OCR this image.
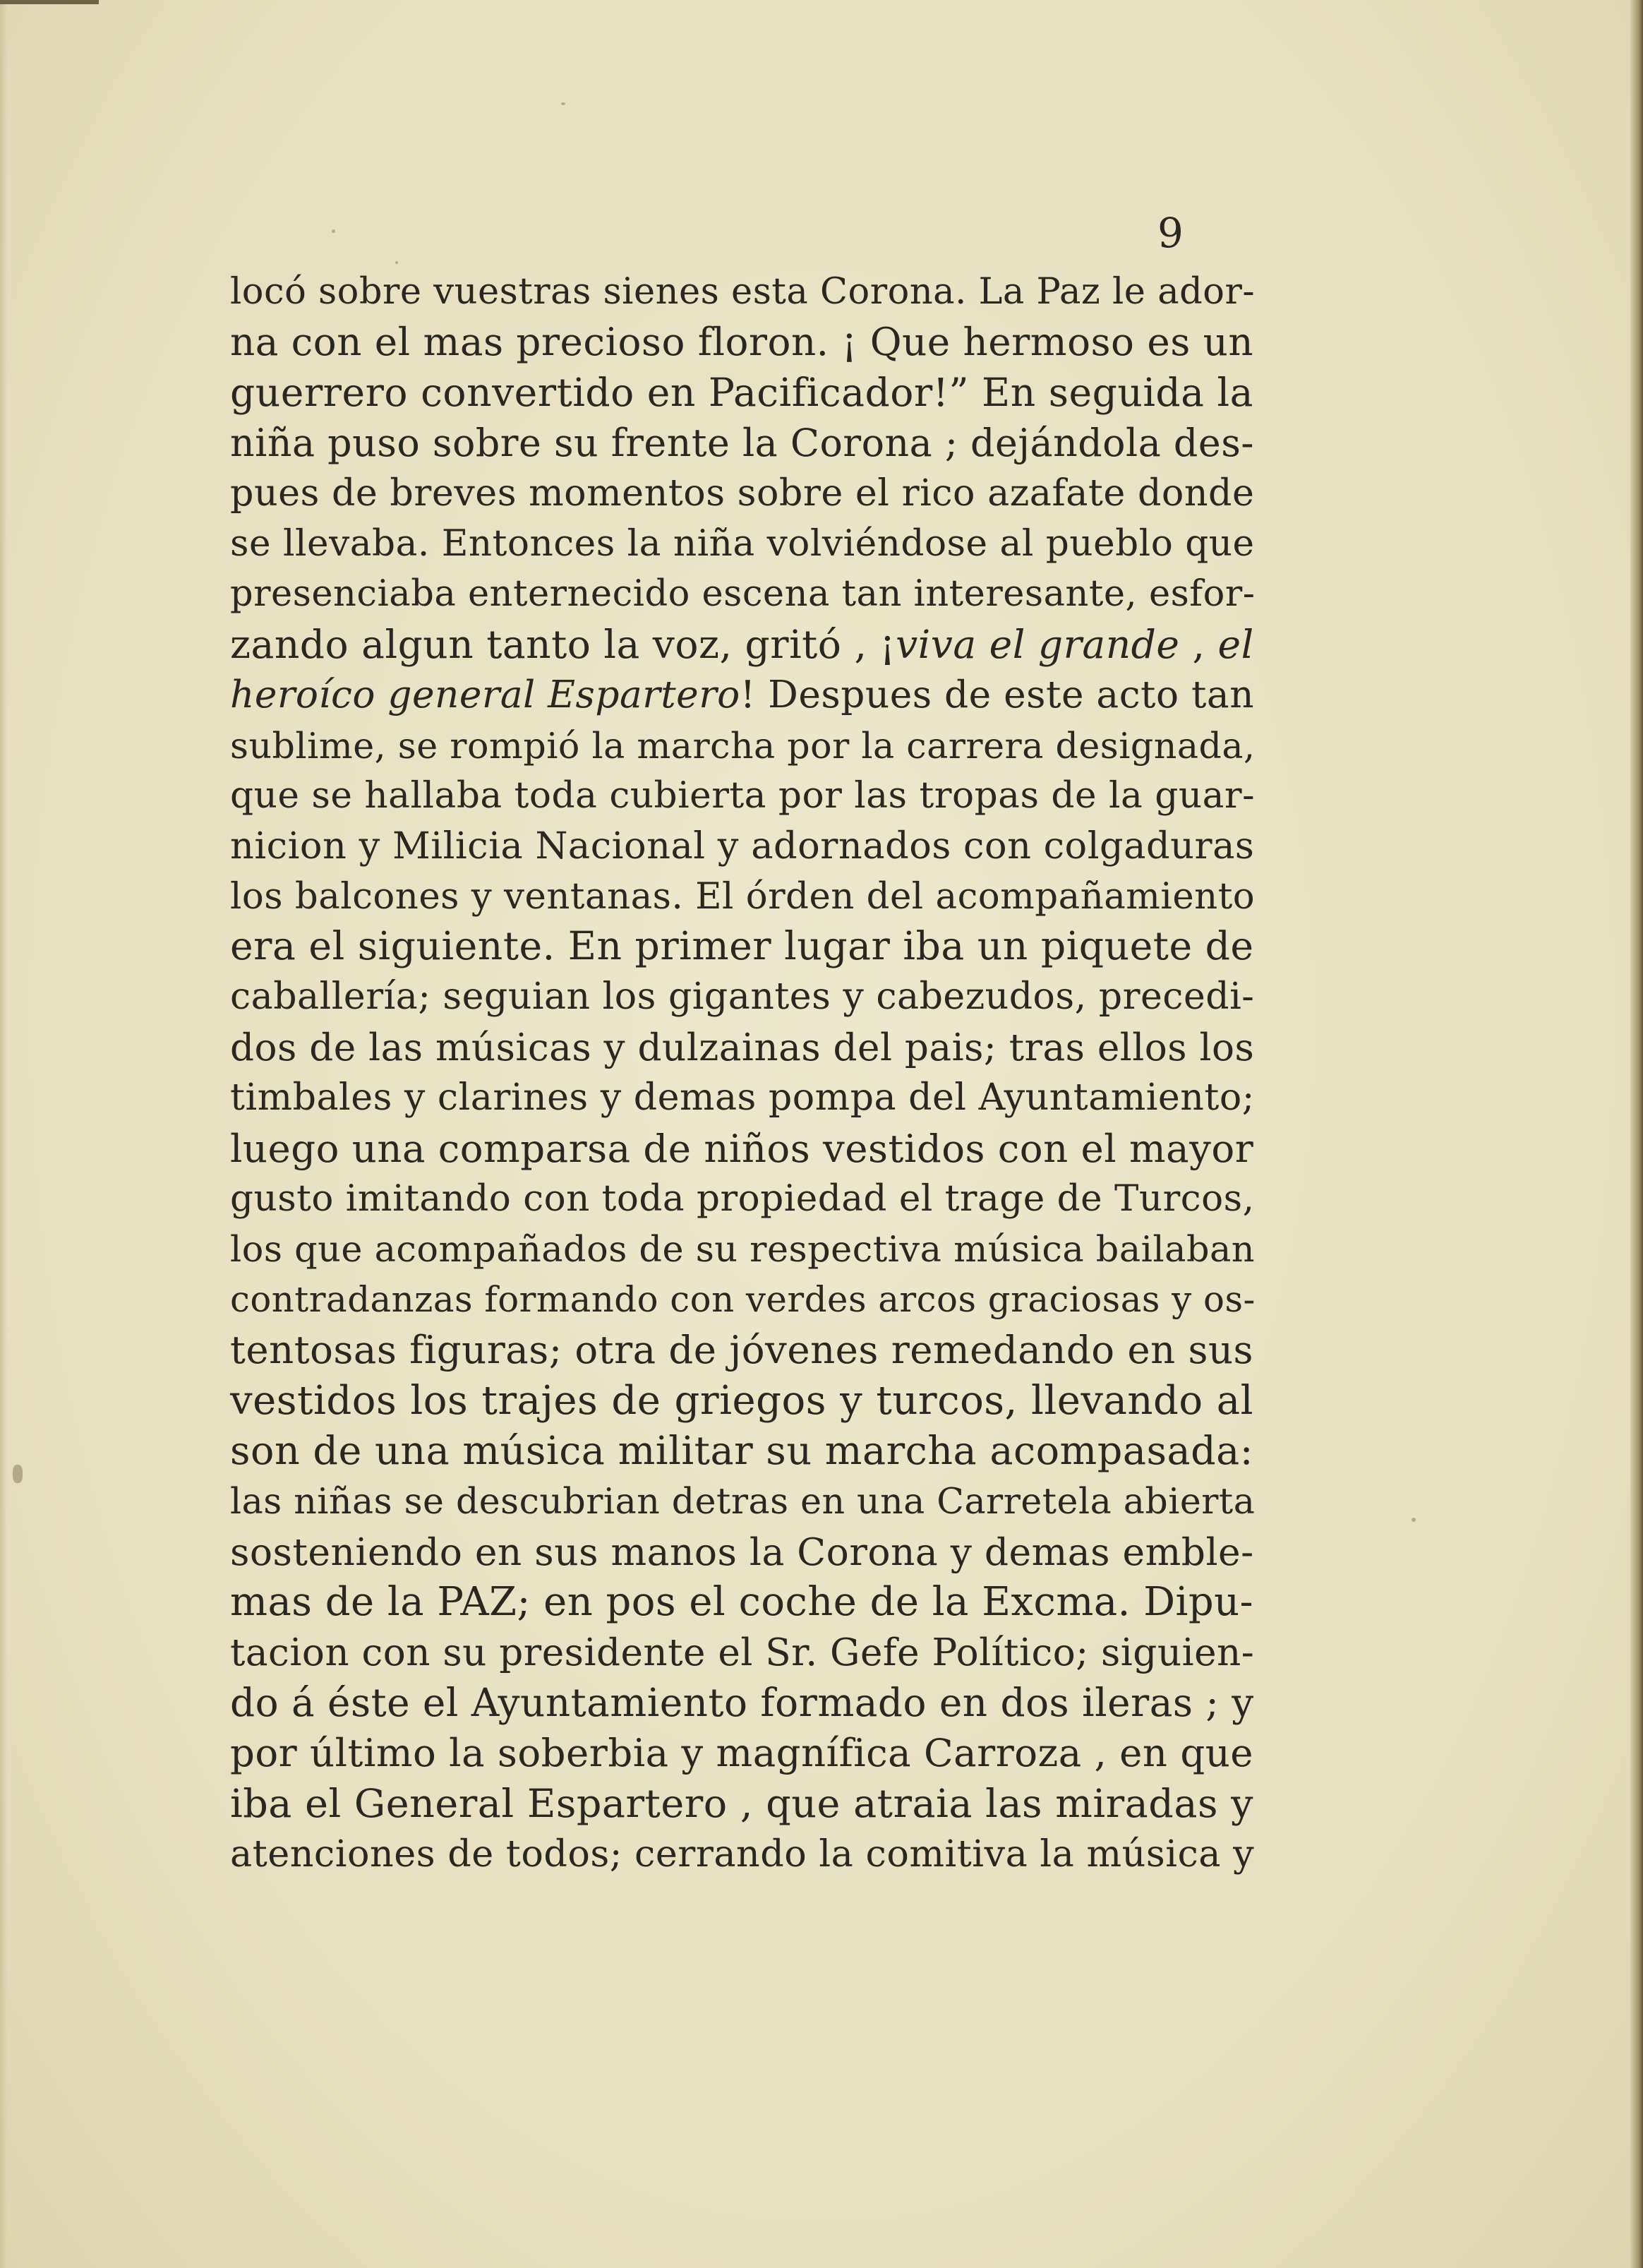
9
locó sobre vuestras sienes esta Corona. La Paz le ador-
na con el mas precioso floron. ¡ Que hermoso es un
guerrero convertido en Pacificador!” En seguida la
niña puso sobre su frente la Corona ; dejándola des-
pues de breves momentos sobre el rico azafate donde
se llevaba. Entonces la niña volviéndose al pueblo que
presenciaba enternecido escena tan interesante, esfor-
zando algun tanto la voz, gritó , ¡viva el grande , el
heroíco general Espartero! Despues de este acto tan
sublime, se rompió la marcha por la carrera designada,
que se hallaba toda cubierta por las tropas de la guar-
nicion y Milicia Nacional y adornados con colgaduras
los balcones y ventanas. El órden del acompañamiento
era el siguiente. En primer lugar iba un piquete de
caballería; seguian los gigantes y cabezudos, precedi-
dos de las músicas y dulzainas del pais; tras ellos los
timbales y clarines y demas pompa del Ayuntamiento;
luego una comparsa de niños vestidos con el mayor
gusto imitando con toda propiedad el trage de Turcos,
los que acompañados de su respectiva música bailaban
contradanzas formando con verdes arcos graciosas y os-
tentosas figuras; otra de jóvenes remedando en sus
vestidos los trajes de griegos y turcos, llevando al
son de una música militar su marcha acompasada:
las niñas se descubrian detras en una Carretela abierta
sosteniendo en sus manos la Corona y demas emble-
mas de la PAZ; en pos el coche de la Excma. Dipu-
tacion con su presidente el Sr. Gefe Político; siguien-
do á éste el Ayuntamiento formado en dos ileras ; y
por último la soberbia y magnífica Carroza , en que
iba el General Espartero , que atraia las miradas y
atenciones de todos; cerrando la comitiva la música y
